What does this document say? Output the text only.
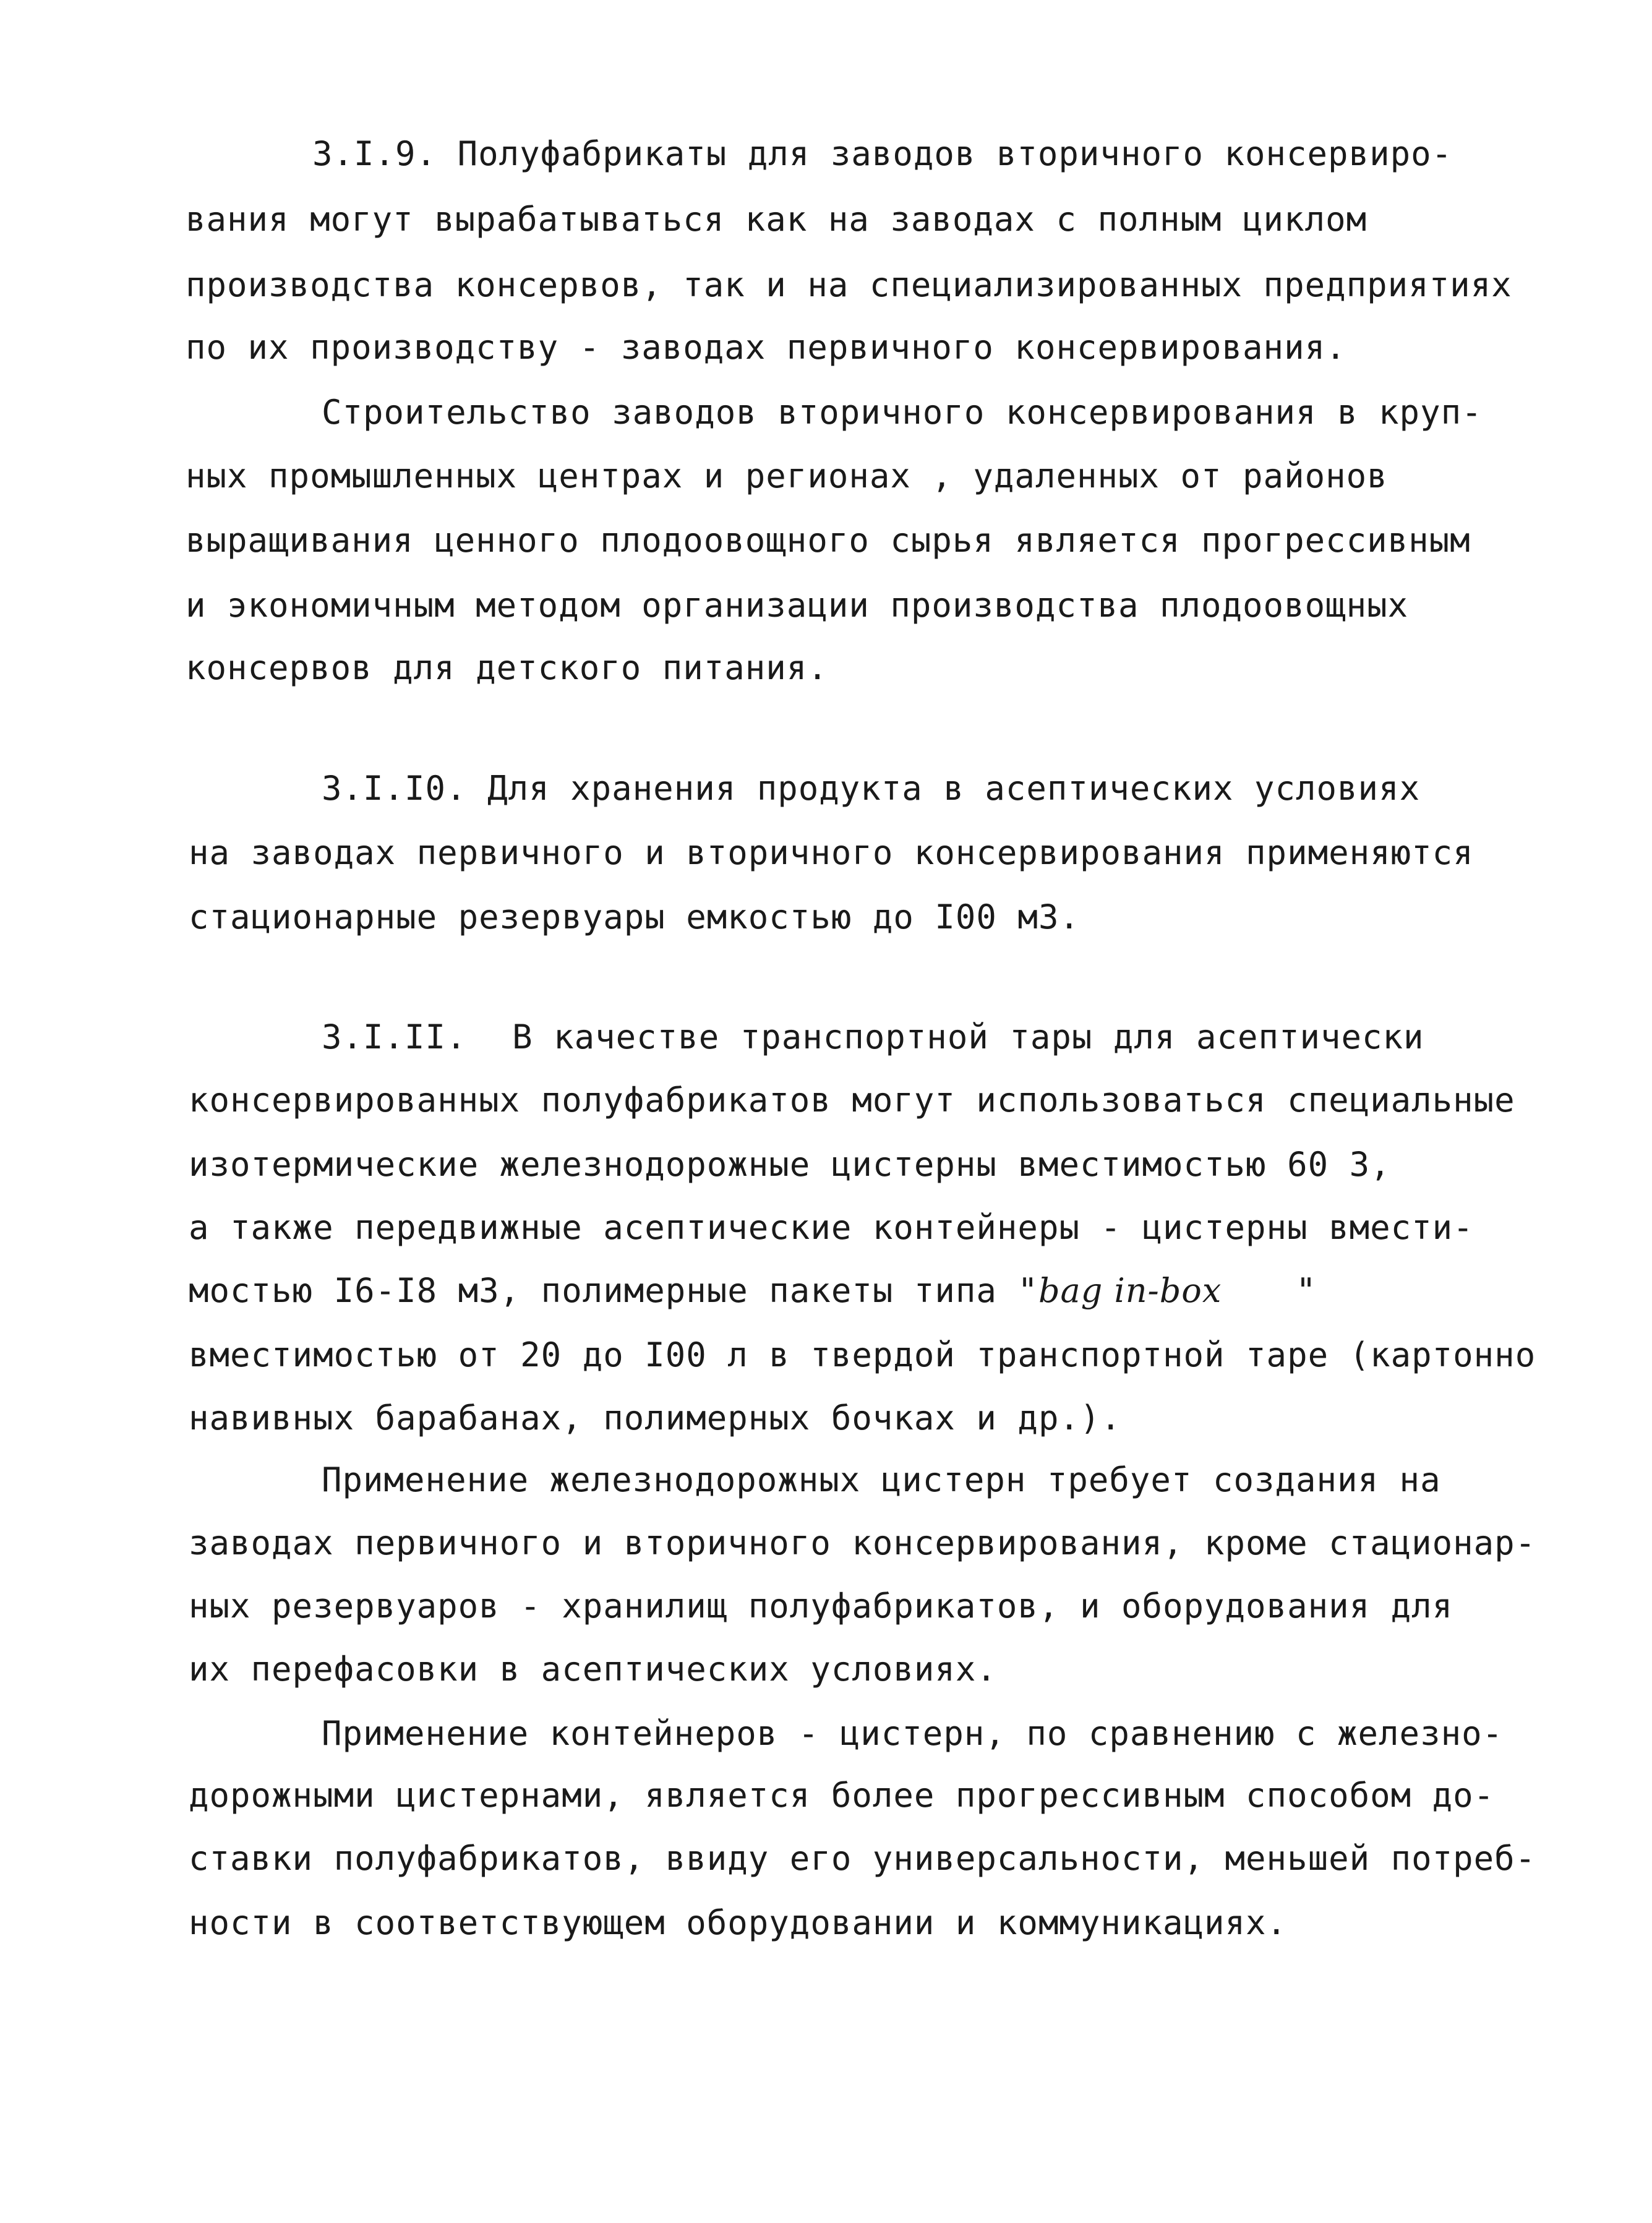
3.I.9. Полуфабрикаты для заводов вторичного консервиро-
вания могут вырабатываться как на заводах с полным циклом
производства консервов, так и на специализированных предприятиях
по их производству - заводах первичного консервирования.
Строительство заводов вторичного консервирования в круп-
ных промышленных центрах и регионах , удаленных от районов
выращивания ценного плодоовощного сырья является прогрессивным
и экономичным методом организации производства плодоовощных
консервов для детского питания.
3.I.I0. Для хранения продукта в асептических условиях
на заводах первичного и вторичного консервирования применяются
стационарные резервуары емкостью до I00 м3.
3.I.II. В качестве транспортной тары для асептически
консервированных полуфабрикатов могут использоваться специальные
изотермические железнодорожные цистерны вместимостью 60 3,
а также передвижные асептические контейнеры - цистерны вмести-
мостью I6-I8 м3, полимерные пакеты типа "bag in-box "
вместимостью от 20 до I00 л в твердой транспортной таре (картонно
навивных барабанах, полимерных бочках и др.).
Применение железнодорожных цистерн требует создания на
заводах первичного и вторичного консервирования, кроме стационар-
ных резервуаров - хранилищ полуфабрикатов, и оборудования для
их перефасовки в асептических условиях.
Применение контейнеров - цистерн, по сравнению с железно-
дорожными цистернами, является более прогрессивным способом до-
ставки полуфабрикатов, ввиду его универсальности, меньшей потреб-
ности в соответствующем оборудовании и коммуникациях.
